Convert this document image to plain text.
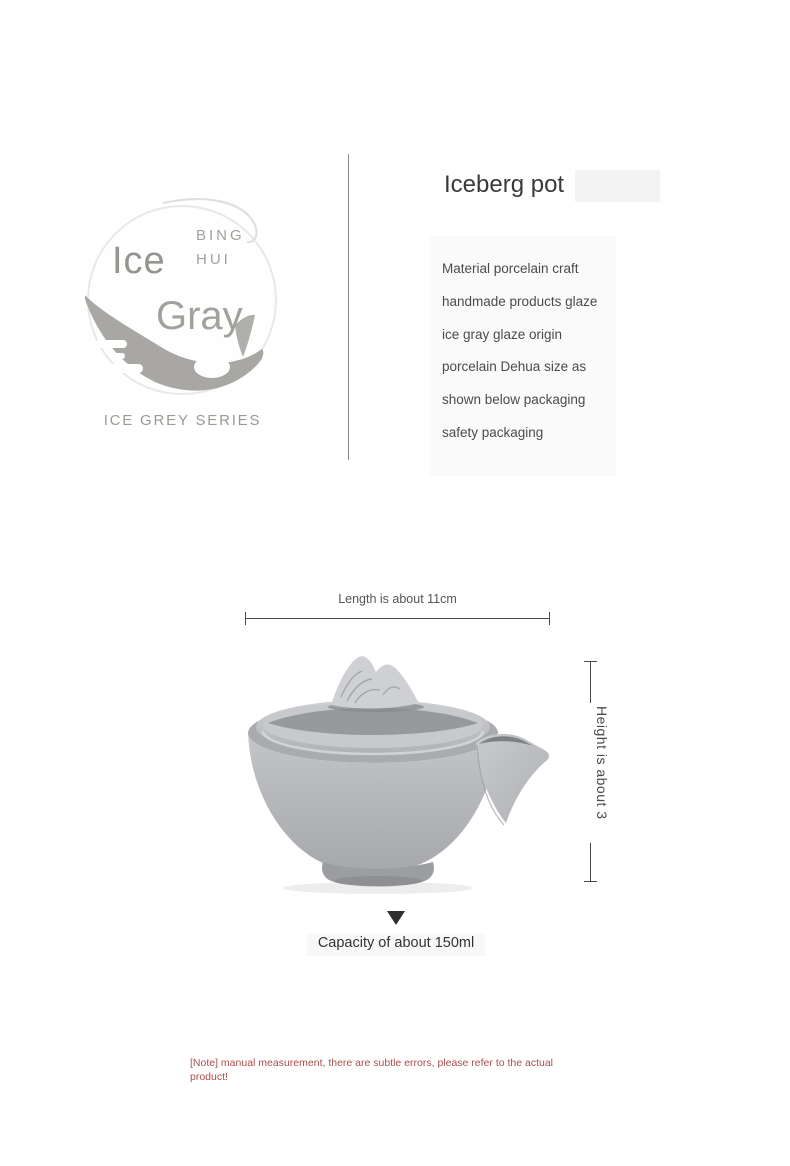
Ice
BING
HUI
Gray
ICE GREY SERIES
Iceberg pot

Material porcelain craft

handmade products glaze

ice gray glaze origin

porcelain Dehua size as

shown below packaging

safety packaging

Length is about 11cm
Height is about 3
Capacity of about 150ml
[Note] manual measurement, there are subtle errors, please refer to the actual product!
